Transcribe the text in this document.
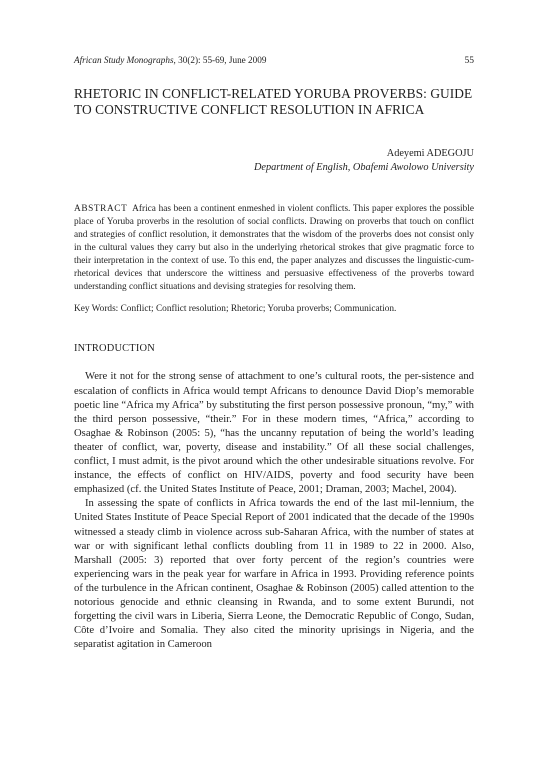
African Study Monographs, 30(2): 55-69, June 2009	55
RHETORIC IN CONFLICT-RELATED YORUBA PROVERBS: GUIDE TO CONSTRUCTIVE CONFLICT RESOLUTION IN AFRICA
Adeyemi ADEGOJU
Department of English, Obafemi Awolowo University

ABSTRACT Africa has been a continent enmeshed in violent conflicts. This paper explores the possible place of Yoruba proverbs in the resolution of social conflicts. Drawing on proverbs that touch on conflict and strategies of conflict resolution, it demonstrates that the wisdom of the proverbs does not consist only in the cultural values they carry but also in the underlying rhetorical strokes that give pragmatic force to their interpretation in the context of use. To this end, the paper analyzes and discusses the linguistic-cum-rhetorical devices that underscore the wittiness and persuasive effectiveness of the proverbs toward understanding conflict situations and devising strategies for resolving them.

Key Words: Conflict; Conflict resolution; Rhetoric; Yoruba proverbs; Communication.

INTRODUCTION

Were it not for the strong sense of attachment to one’s cultural roots, the per-sistence and escalation of conflicts in Africa would tempt Africans to denounce David Diop’s memorable poetic line “Africa my Africa” by substituting the first person possessive pronoun, “my,” with the third person possessive, “their.” For in these modern times, “Africa,” according to Osaghae & Robinson (2005: 5), “has the uncanny reputation of being the world’s leading theater of conflict, war, poverty, disease and instability.” Of all these social challenges, conflict, I must admit, is the pivot around which the other undesirable situations revolve. For instance, the effects of conflict on HIV/AIDS, poverty and food security have been emphasized (cf. the United States Institute of Peace, 2001; Draman, 2003; Machel, 2004).

In assessing the spate of conflicts in Africa towards the end of the last mil-lennium, the United States Institute of Peace Special Report of 2001 indicated that the decade of the 1990s witnessed a steady climb in violence across sub-Saharan Africa, with the number of states at war or with significant lethal conflicts doubling from 11 in 1989 to 22 in 2000. Also, Marshall (2005: 3) reported that over forty percent of the region’s countries were experiencing wars in the peak year for warfare in Africa in 1993. Providing reference points of the turbulence in the African continent, Osaghae & Robinson (2005) called attention to the notorious genocide and ethnic cleansing in Rwanda, and to some extent Burundi, not forgetting the civil wars in Liberia, Sierra Leone, the Democratic Republic of Congo, Sudan, Côte d’Ivoire and Somalia. They also cited the minority uprisings in Nigeria, and the separatist agitation in Cameroon
